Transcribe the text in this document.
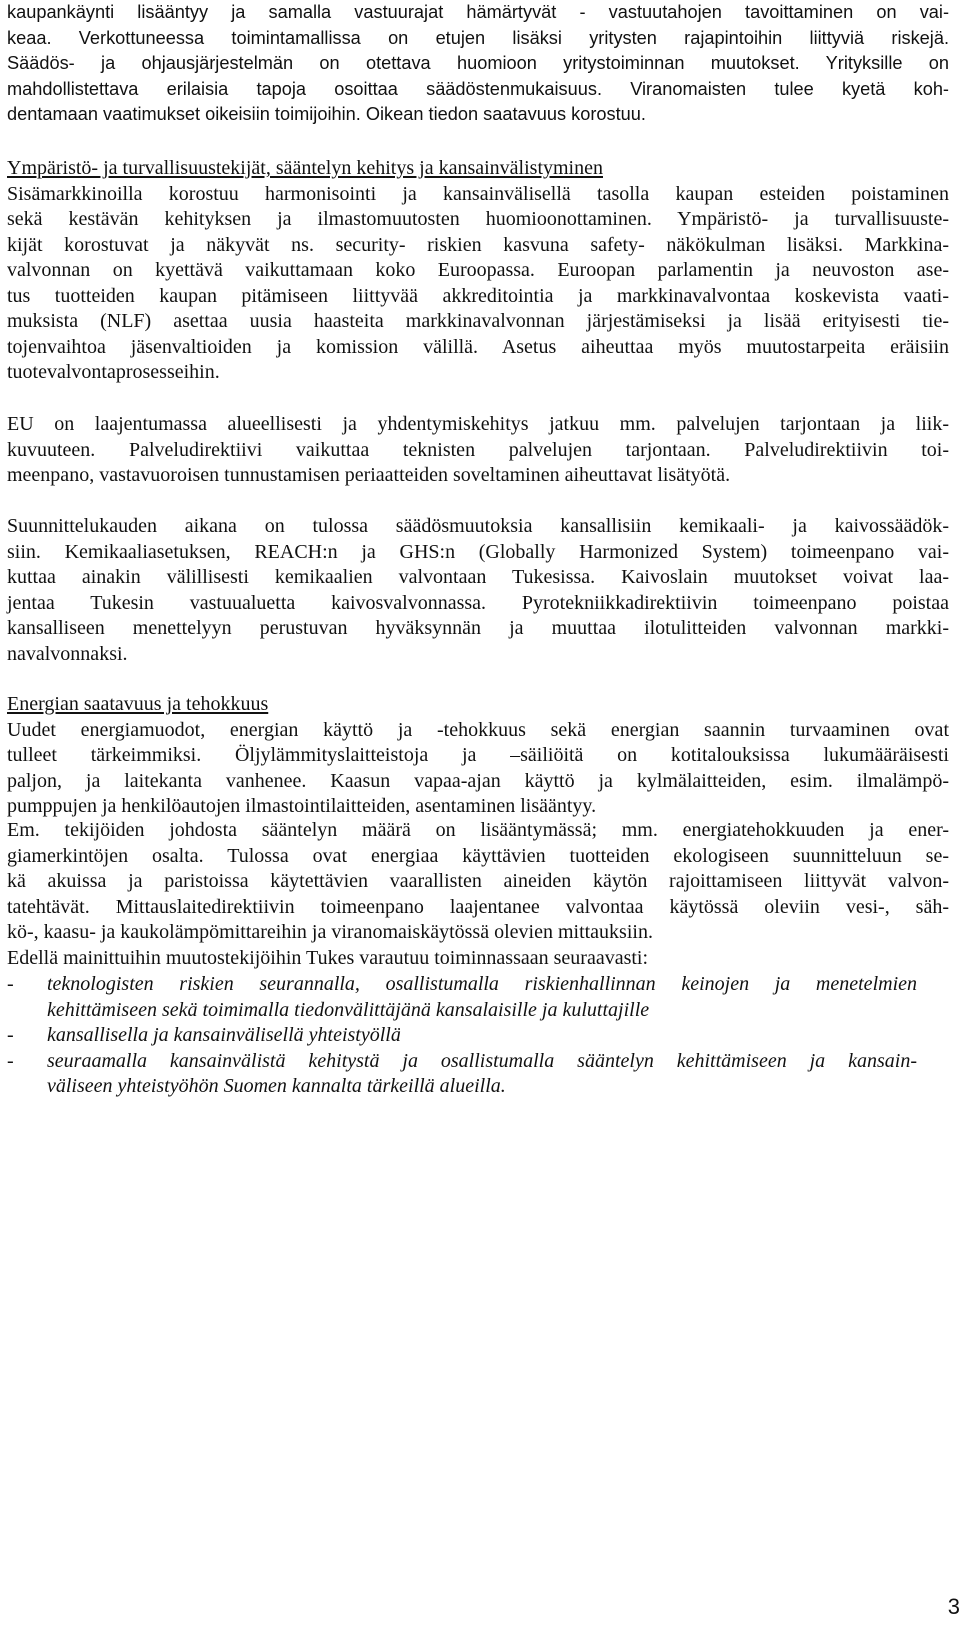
kaupankäynti lisääntyy ja samalla vastuurajat hämärtyvät - vastuutahojen tavoittaminen on vai-
keaa. Verkottuneessa toimintamallissa on etujen lisäksi yritysten rajapintoihin liittyviä riskejä.
Säädös- ja ohjausjärjestelmän on otettava huomioon yritystoiminnan muutokset. Yrityksille on
mahdollistettava erilaisia tapoja osoittaa säädöstenmukaisuus. Viranomaisten tulee kyetä koh-
dentamaan vaatimukset oikeisiin toimijoihin. Oikean tiedon saatavuus korostuu.
Ympäristö- ja turvallisuustekijät, sääntelyn kehitys ja kansainvälistyminen
Sisämarkkinoilla korostuu harmonisointi ja kansainvälisellä tasolla kaupan esteiden poistaminen
sekä kestävän kehityksen ja ilmastomuutosten huomioonottaminen. Ympäristö- ja turvallisuuste-
kijät korostuvat ja näkyvät ns. security- riskien kasvuna safety- näkökulman lisäksi. Markkina-
valvonnan on kyettävä vaikuttamaan koko Euroopassa. Euroopan parlamentin ja neuvoston ase-
tus tuotteiden kaupan pitämiseen liittyvää akkreditointia ja markkinavalvontaa koskevista vaati-
muksista (NLF) asettaa uusia haasteita markkinavalvonnan järjestämiseksi ja lisää erityisesti tie-
tojenvaihtoa jäsenvaltioiden ja komission välillä. Asetus aiheuttaa myös muutostarpeita eräisiin
tuotevalvontaprosesseihin.
EU on laajentumassa alueellisesti ja yhdentymiskehitys jatkuu mm. palvelujen tarjontaan ja liik-
kuvuuteen. Palveludirektiivi vaikuttaa teknisten palvelujen tarjontaan. Palveludirektiivin toi-
meenpano, vastavuoroisen tunnustamisen periaatteiden soveltaminen aiheuttavat lisätyötä.
Suunnittelukauden aikana on tulossa säädösmuutoksia kansallisiin kemikaali- ja kaivossäädök-
siin. Kemikaaliasetuksen, REACH:n ja GHS:n (Globally Harmonized System) toimeenpano vai-
kuttaa ainakin välillisesti kemikaalien valvontaan Tukesissa. Kaivoslain muutokset voivat laa-
jentaa Tukesin vastuualuetta kaivosvalvonnassa. Pyrotekniikkadirektiivin toimeenpano poistaa
kansalliseen menettelyyn perustuvan hyväksynnän ja muuttaa ilotulitteiden valvonnan markki-
navalvonnaksi.
Energian saatavuus ja tehokkuus
Uudet energiamuodot, energian käyttö ja -tehokkuus sekä energian saannin turvaaminen ovat
tulleet tärkeimmiksi. Öljylämmityslaitteistoja ja –säiliöitä on kotitalouksissa lukumääräisesti
paljon, ja laitekanta vanhenee. Kaasun vapaa-ajan käyttö ja kylmälaitteiden, esim. ilmalämpö-
pumppujen ja henkilöautojen ilmastointilaitteiden, asentaminen lisääntyy.
Em. tekijöiden johdosta sääntelyn määrä on lisääntymässä; mm. energiatehokkuuden ja ener-
giamerkintöjen osalta. Tulossa ovat energiaa käyttävien tuotteiden ekologiseen suunnitteluun se-
kä akuissa ja paristoissa käytettävien vaarallisten aineiden käytön rajoittamiseen liittyvät valvon-
tatehtävät. Mittauslaitedirektiivin toimeenpano laajentanee valvontaa käytössä oleviin vesi-, säh-
kö-, kaasu- ja kaukolämpömittareihin ja viranomaiskäytössä olevien mittauksiin.
Edellä mainittuihin muutostekijöihin Tukes varautuu toiminnassaan seuraavasti:
-	teknologisten riskien seurannalla, osallistumalla riskienhallinnan keinojen ja menetelmien
kehittämiseen sekä toimimalla tiedonvälittäjänä kansalaisille ja kuluttajille
-	kansallisella ja kansainvälisellä yhteistyöllä
-	seuraamalla kansainvälistä kehitystä ja osallistumalla sääntelyn kehittämiseen ja kansain-
väliseen yhteistyöhön Suomen kannalta tärkeillä alueilla.
3
